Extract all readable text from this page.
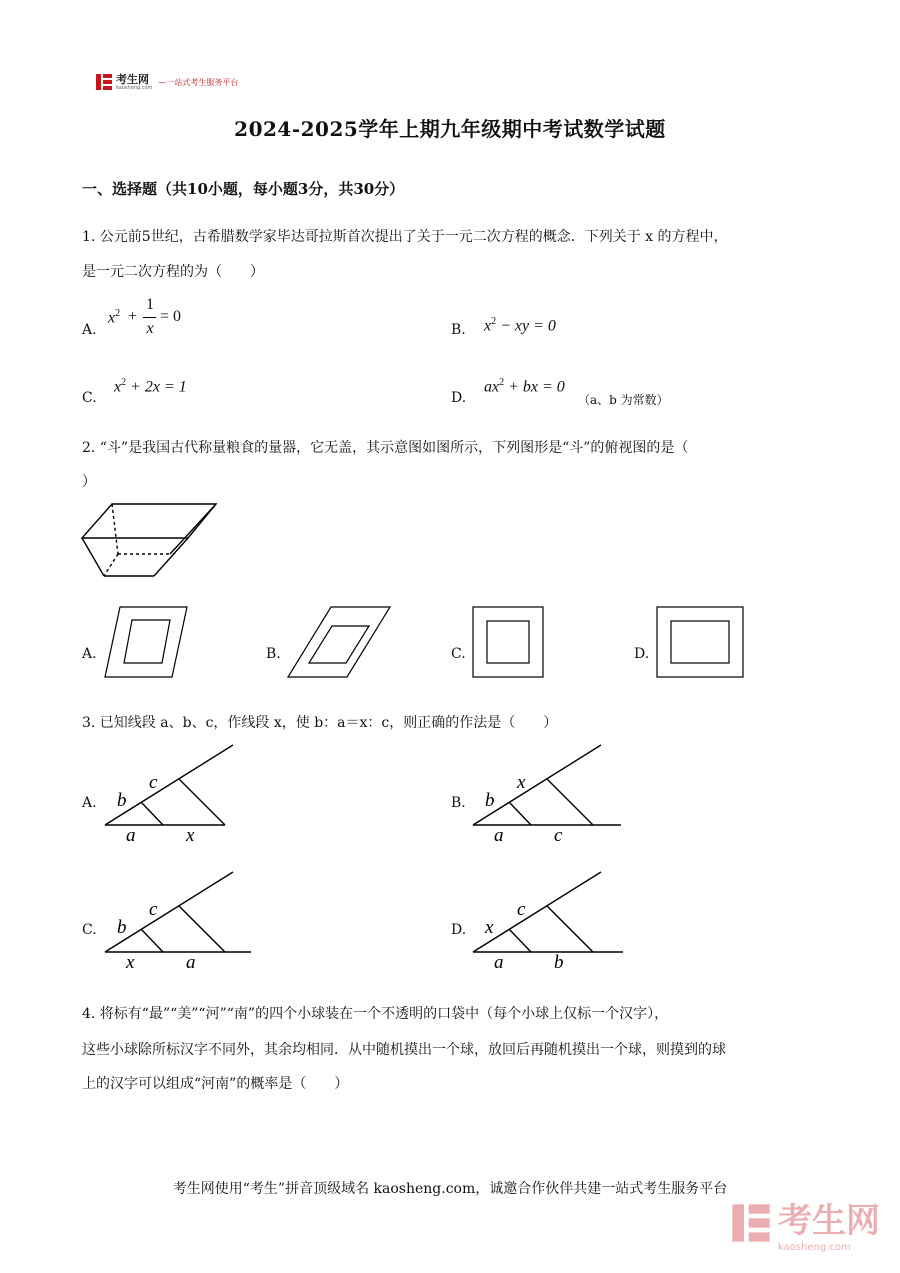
考生网
kaosheng.com
—一站式考生服务平台
2024-2025学年上期九年级期中考试数学试题
一、选择题（共10小题，每小题3分，共30分）
1. 公元前5世纪，古希腊数学家毕达哥拉斯首次提出了关于一元二次方程的概念．下列关于 x 的方程中，
是一元二次方程的为（　　）
A.
$x^2$ +
1
x
= 0
B. $x^2$ − xy = 0
C.
$x^2 + 2x = 1$
D.
$ax^2$ + bx = 0
（a、b 为常数）
2. “斗”是我国古代称量粮食的量器，它无盖，其示意图如图所示，下列图形是“斗”的俯视图的是（
）
A.	B.	C.	D.
3. 已知线段 a、b、c，作线段 x，使 b：a＝x：c，则正确的作法是（　　）
A.
c
b
a	x
B.
x
b
a	c
C.
c
b
x	a
D.
c
x
a	b
4. 将标有“最”“美”“河”“南”的四个小球装在一个不透明的口袋中（每个小球上仅标一个汉字），
这些小球除所标汉字不同外，其余均相同．从中随机摸出一个球，放回后再随机摸出一个球，则摸到的球
上的汉字可以组成“河南”的概率是（　　）
考生网使用“考生”拼音顶级域名 kaosheng.com，诚邀合作伙伴共建一站式考生服务平台
考生网
kaosheng.com
